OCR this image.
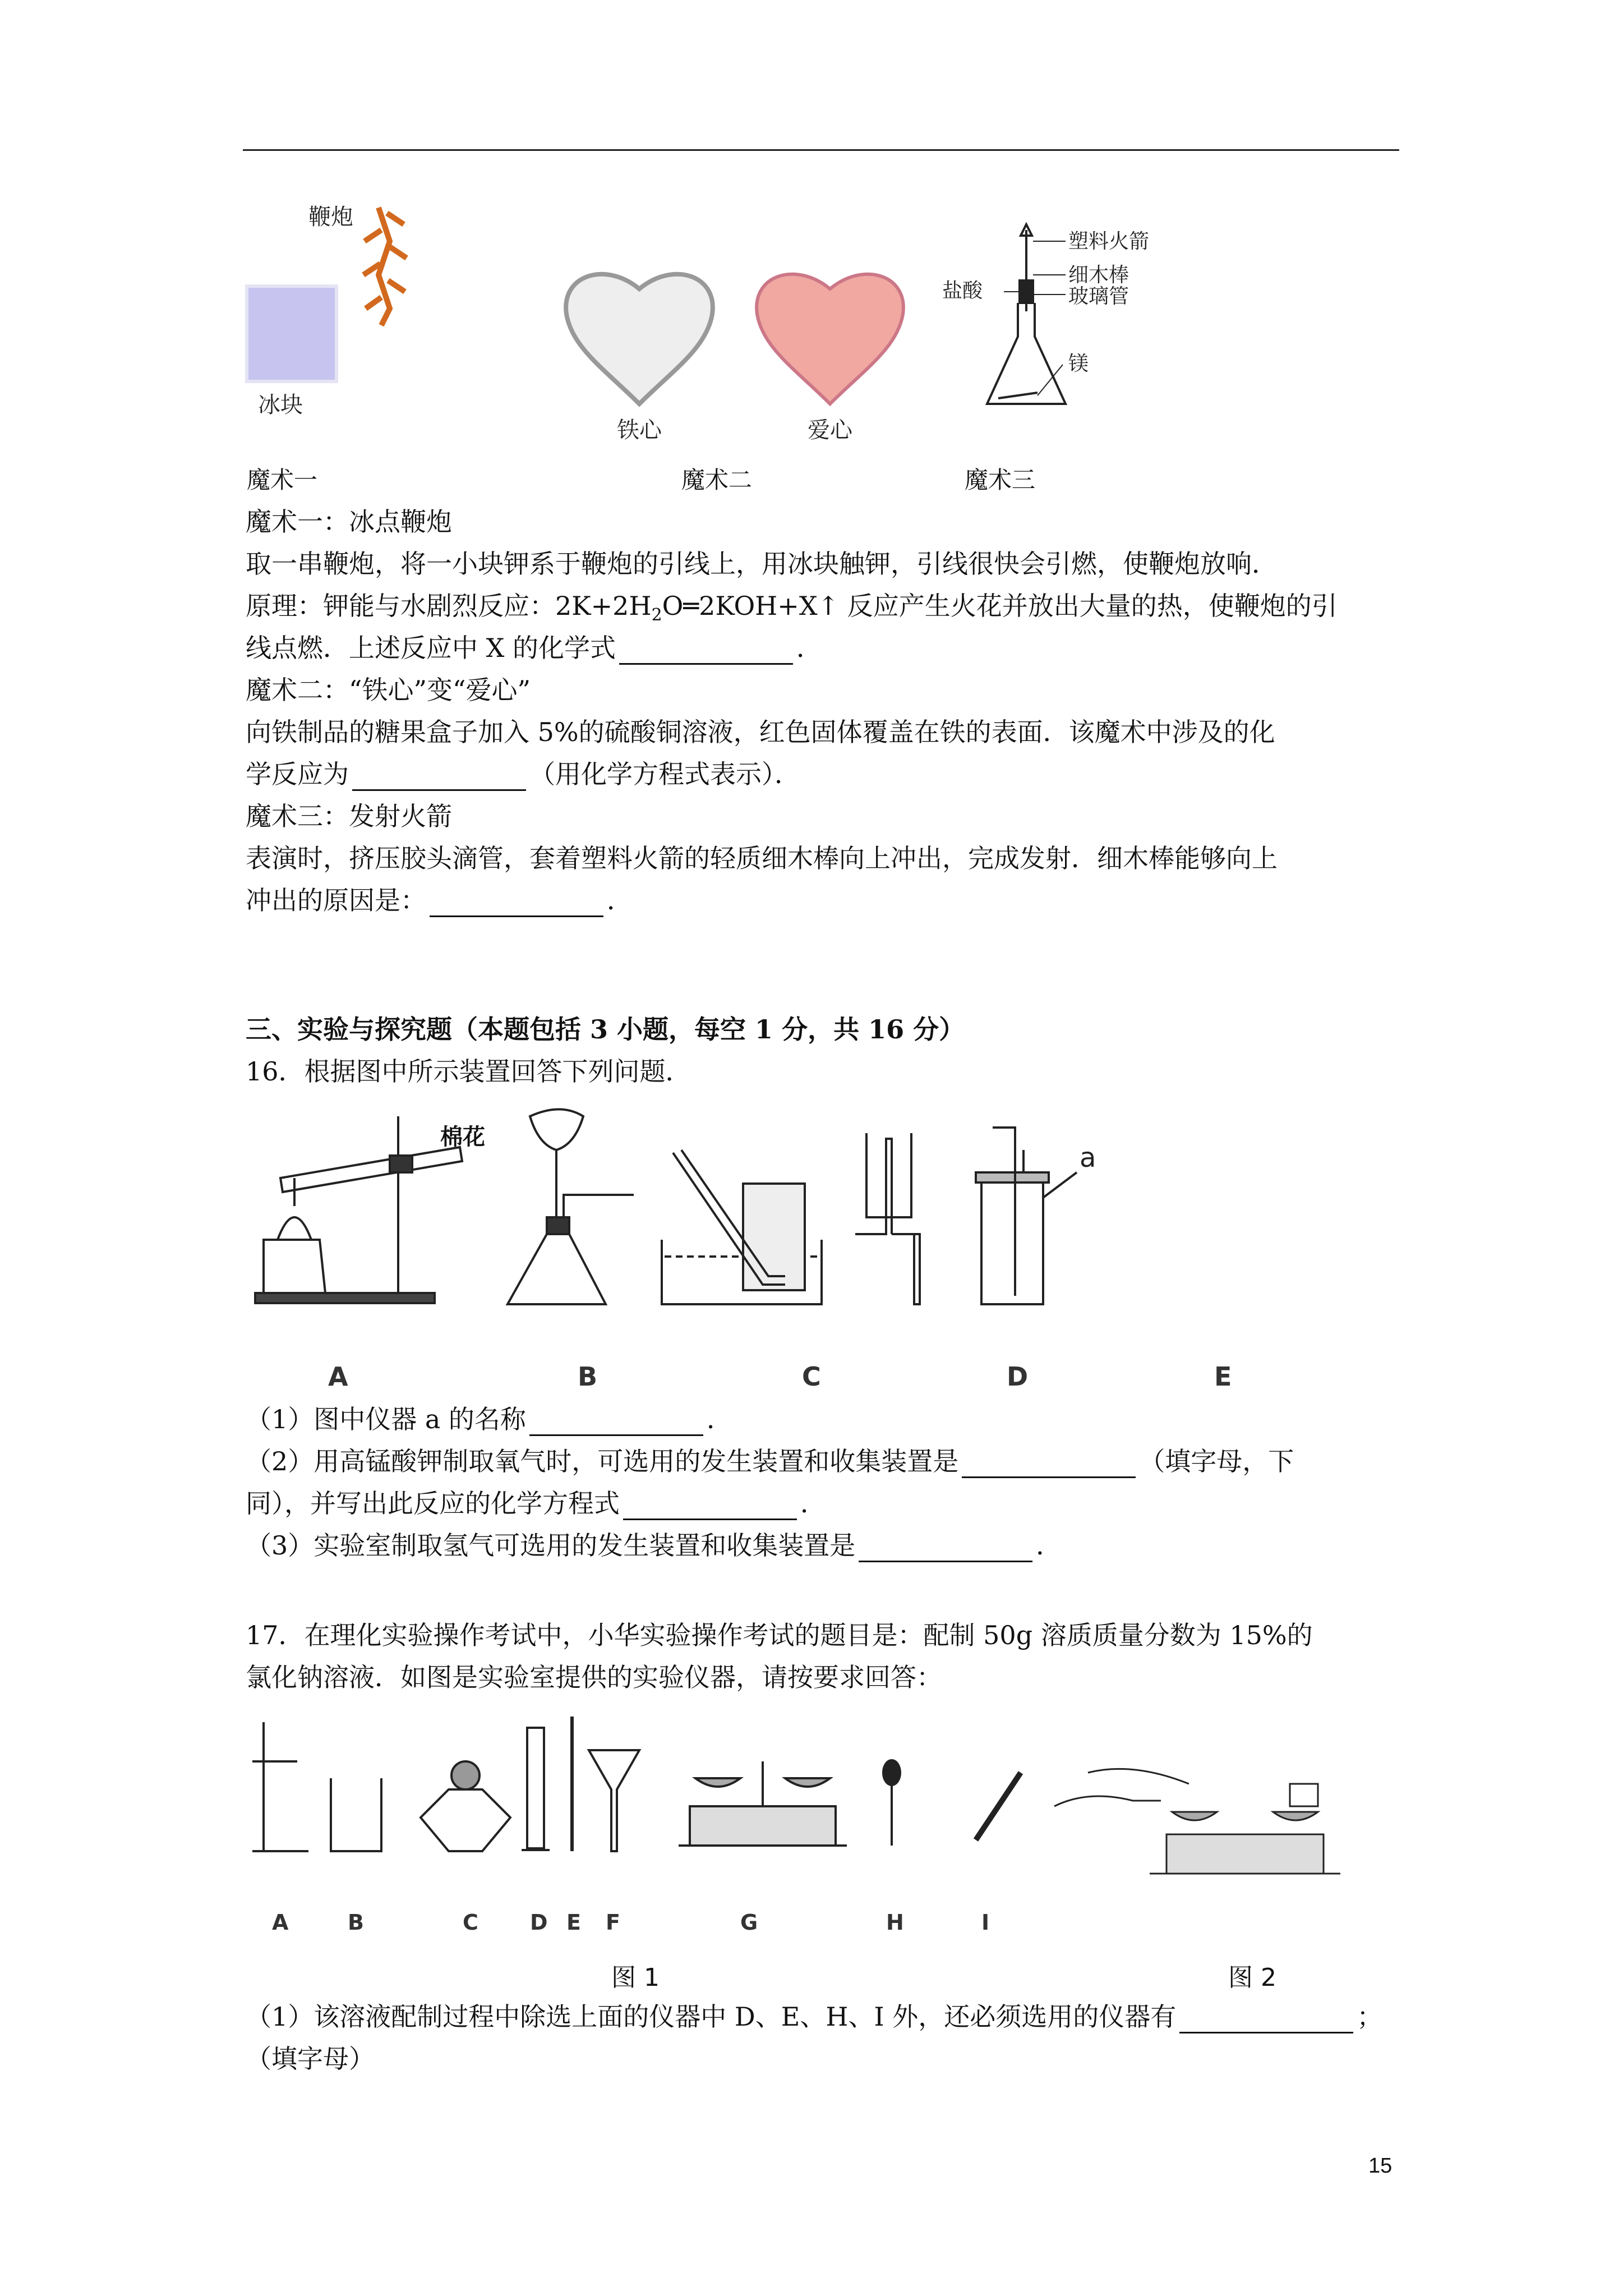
鞭炮
冰块
铁心	爱心
塑料火箭
细木棒
玻璃管
盐酸
镁
魔术一	魔术二	魔术三
魔术一：冰点鞭炮
取一串鞭炮，将一小块钾系于鞭炮的引线上，用冰块触钾，引线很快会引燃，使鞭炮放响．
原理：钾能与水剧烈反应：$2K+2H_2O═2KOH+X↑$ 反应产生火花并放出大量的热，使鞭炮的引
线点燃．上述反应中 X 的化学式	．
魔术二：“铁心”变“爱心”
向铁制品的糖果盒子加入 5%的硫酸铜溶液，红色固体覆盖在铁的表面．该魔术中涉及的化
学反应为	（用化学方程式表示）．
魔术三：发射火箭
表演时，挤压胶头滴管，套着塑料火箭的轻质细木棒向上冲出，完成发射．细木棒能够向上
冲出的原因是：	．
三、实验与探究题（本题包括 3 小题，每空 1 分，共 16 分）
16．根据图中所示装置回答下列问题．
棉花
a
A	B	C	D	E
（1）图中仪器 a 的名称	．
（2）用高锰酸钾制取氧气时，可选用的发生装置和收集装置是	（填字母，下
同），并写出此反应的化学方程式	．
（3）实验室制取氢气可选用的发生装置和收集装置是	．
17．在理化实验操作考试中，小华实验操作考试的题目是：配制 50g 溶质质量分数为 15%的
氯化钠溶液．如图是实验室提供的实验仪器，请按要求回答：
A	B	C D E F	G	H	I
图 1	图 2
（1）该溶液配制过程中除选上面的仪器中 D、E、H、I 外，还必须选用的仪器有	；
（填字母）
15
